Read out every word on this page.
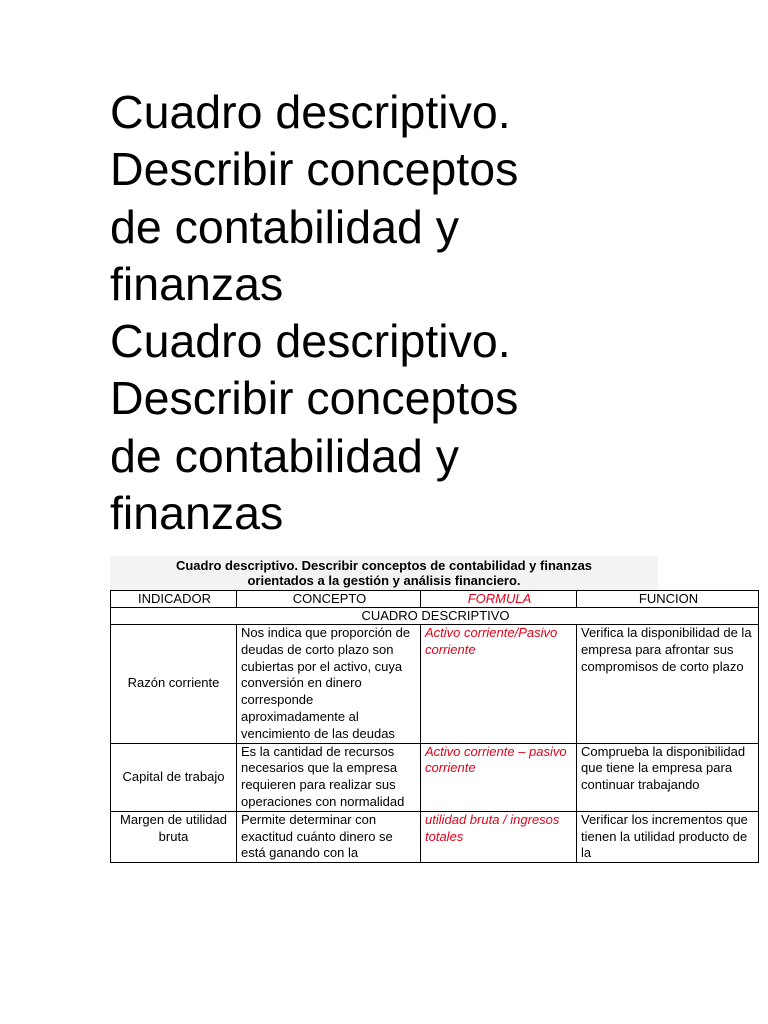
Cuadro descriptivo.
Describir conceptos
de contabilidad y
finanzas
Cuadro descriptivo.
Describir conceptos
de contabilidad y
finanzas
Cuadro descriptivo. Describir conceptos de contabilidad y finanzas
orientados a la gestión y análisis financiero.
CUADRO DESCRIPTIVO			
INDICADOR	CONCEPTO	FORMULA	FUNCION
Razón corriente	Nos indica que proporción de deudas de corto plazo son cubiertas por el activo, cuya conversión en dinero corresponde aproximadamente al vencimiento de las deudas	Activo corriente/Pasivo corriente	Verifica la disponibilidad de la empresa para afrontar sus compromisos de corto plazo
Capital de trabajo	Es la cantidad de recursos necesarios que la empresa requieren para realizar sus operaciones con normalidad	Activo corriente – pasivo corriente	Comprueba la disponibilidad que tiene la empresa para continuar trabajando

Margen de utilidad bruta	Permite determinar con exactitud cuánto dinero se está ganando con la	utilidad bruta / ingresos totales	Verificar los incrementos que tienen la utilidad producto de la
